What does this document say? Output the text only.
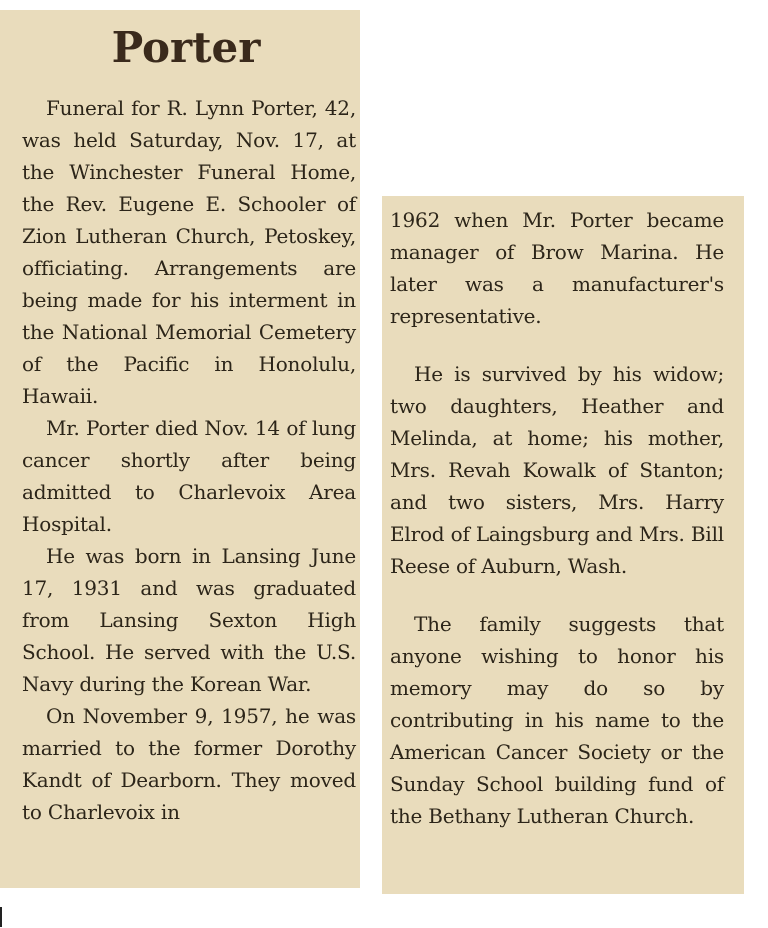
Porter

Funeral for R. Lynn Porter, 42, was held Saturday, Nov. 17, at the Winchester Funeral Home, the Rev. Eugene E. Schooler of Zion Lutheran Church, Petoskey, officiating. Arrangements are being made for his interment in the National Memorial Cemetery of the Pacific in Honolulu, Hawaii.

Mr. Porter died Nov. 14 of lung cancer shortly after being admitted to Charlevoix Area Hospital.

He was born in Lansing June 17, 1931 and was graduated from Lansing Sexton High School. He served with the U.S. Navy during the Korean War.

On November 9, 1957, he was married to the former Dorothy Kandt of Dearborn. They moved to Charlevoix in

1962 when Mr. Porter became manager of Brow Marina. He later was a manufacturer's representative.

He is survived by his widow; two daughters, Heather and Melinda, at home; his mother, Mrs. Revah Kowalk of Stanton; and two sisters, Mrs. Harry Elrod of Laingsburg and Mrs. Bill Reese of Auburn, Wash.

The family suggests that anyone wishing to honor his memory may do so by contributing in his name to the American Cancer Society or the Sunday School building fund of the Bethany Lutheran Church.
